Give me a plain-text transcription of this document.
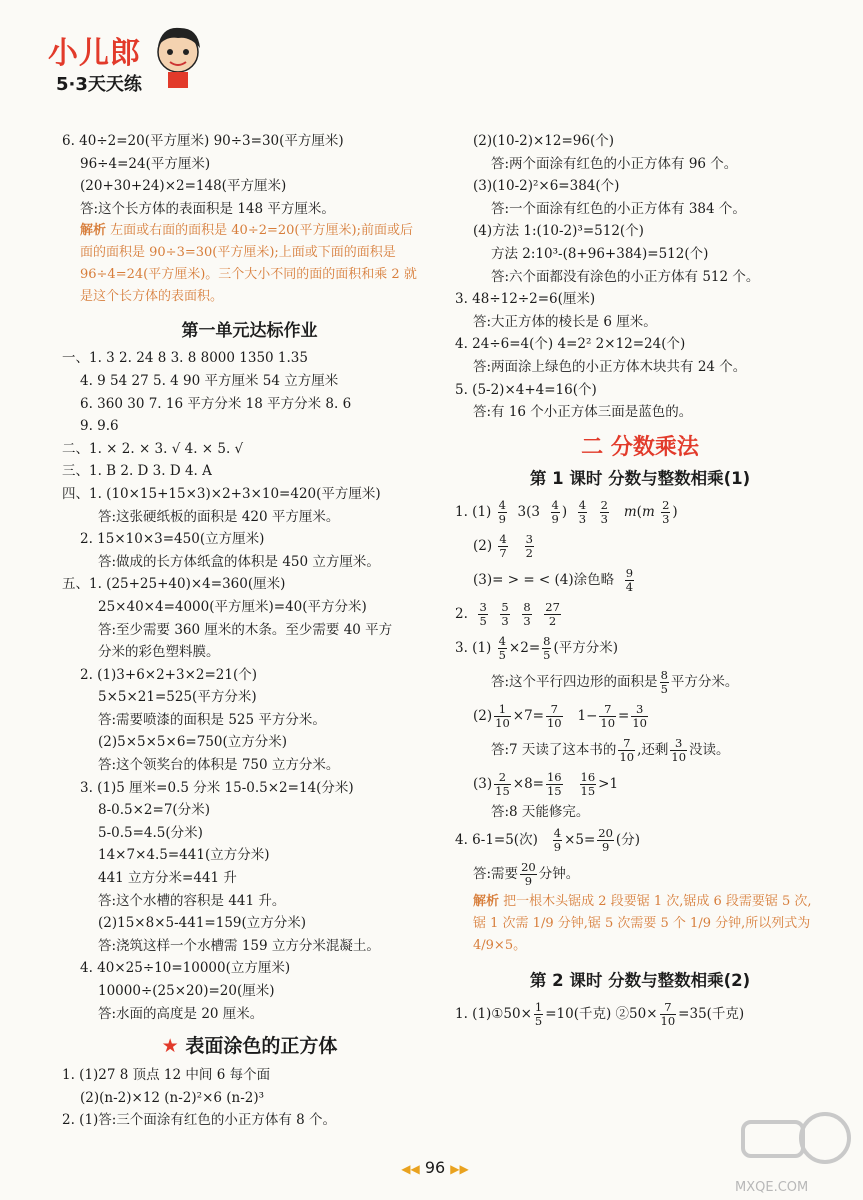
小儿郎
5·3天天练
6. 40÷2=20(平方厘米) 90÷3=30(平方厘米)
96÷4=24(平方厘米)
(20+30+24)×2=148(平方厘米)
答:这个长方体的表面积是 148 平方厘米。
解析 左面或右面的面积是 40÷2=20(平方厘米);前面或后面的面积是 90÷3=30(平方厘米);上面或下面的面积是 96÷4=24(平方厘米)。三个大小不同的面的面积和乘 2 就是这个长方体的表面积。
第一单元达标作业
一、1. 3 2. 24 8 3. 8 8000 1350 1.35
4. 9 54 27 5. 4 90 平方厘米 54 立方厘米
6. 360 30 7. 16 平方分米 18 平方分米 8. 6
9. 9.6
二、1. × 2. × 3. √ 4. × 5. √
三、1. B 2. D 3. D 4. A
四、1. (10×15+15×3)×2+3×10=420(平方厘米)
答:这张硬纸板的面积是 420 平方厘米。
2. 15×10×3=450(立方厘米)
答:做成的长方体纸盒的体积是 450 立方厘米。
五、1. (25+25+40)×4=360(厘米)
25×40×4=4000(平方厘米)=40(平方分米)
答:至少需要 360 厘米的木条。至少需要 40 平方
分米的彩色塑料膜。
2. (1)3+6×2+3×2=21(个)
5×5×21=525(平方分米)
答:需要喷漆的面积是 525 平方分米。
(2)5×5×5×6=750(立方分米)
答:这个领奖台的体积是 750 立方分米。
3. (1)5 厘米=0.5 分米 15-0.5×2=14(分米)
8-0.5×2=7(分米)
5-0.5=4.5(分米)
14×7×4.5=441(立方分米)
441 立方分米=441 升
答:这个水槽的容积是 441 升。
(2)15×8×5-441=159(立方分米)
答:浇筑这样一个水槽需 159 立方分米混凝土。
4. 40×25÷10=10000(立方厘米)
10000÷(25×20)=20(厘米)
答:水面的高度是 20 厘米。
★ 表面涂色的正方体
1. (1)27 8 顶点 12 中间 6 每个面
(2)(n-2)×12 (n-2)²×6 (n-2)³
2. (1)答:三个面涂有红色的小正方体有 8 个。
(2)(10-2)×12=96(个)
答:两个面涂有红色的小正方体有 96 个。
(3)(10-2)²×6=384(个)
答:一个面涂有红色的小正方体有 384 个。
(4)方法 1:(10-2)³=512(个)
方法 2:10³-(8+96+384)=512(个)
答:六个面都没有涂色的小正方体有 512 个。
3. 48÷12÷2=6(厘米)
答:大正方体的棱长是 6 厘米。
4. 24÷6=4(个) 4=2² 2×12=24(个)
答:两面涂上绿色的小正方体木块共有 24 个。
5. (5-2)×4+4=16(个)
答:有 16 个小正方体三面是蓝色的。
二 分数乘法
第 1 课时 分数与整数相乘(1)
1. $(1) \frac{4}{9} 3(3 \frac{4}{9}$ ) $\frac{4}{3}$
$\frac{2}{3} m(m \frac{2}{3}$ )
$(2) \frac{4}{7}$
$\frac{3}{2}$
(3)= > = < (4)涂色略 $\frac{9}{4}$
2. $\frac{3}{5}$
$\frac{5}{3}$
$\frac{8}{3}$
$\frac{27}{2}$
3. $(1) \frac{4}{5} \times 2= \frac{8}{5}$ (平方分米)
答:这个平行四边形的面积是 $\frac{8}{5}$ 平方分米。
$(2) \frac{1}{10} \times 7= \frac{7}{10} 1- \frac{7}{10} = \frac{3}{10}$
答:7 天读了这本书的 $\frac{7}{10}$ ,还剩 $\frac{3}{10}$ 没读。
$(3) \frac{2}{15} \times 8= \frac{16}{15}$
$\frac{16}{15} >1$
答:8 天能修完。
4. 6-1=5(次) $\frac{4}{9} \times 5= \frac{20}{9}$ (分)
答:需要 $\frac{20}{9}$ 分钟。
解析 把一根木头锯成 2 段要锯 1 次,锯成 6 段需要锯 5 次,锯 1 次需 1/9 分钟,锯 5 次需要 5 个 1/9 分钟,所以列式为 4/9×5。
第 2 课时 分数与整数相乘(2)
1. (1)①50× $\frac{1}{5} =10$(千克) ②50× $\frac{7}{10} =35$(千克)
◀◀ 96 ▶▶
MXQE.COM
